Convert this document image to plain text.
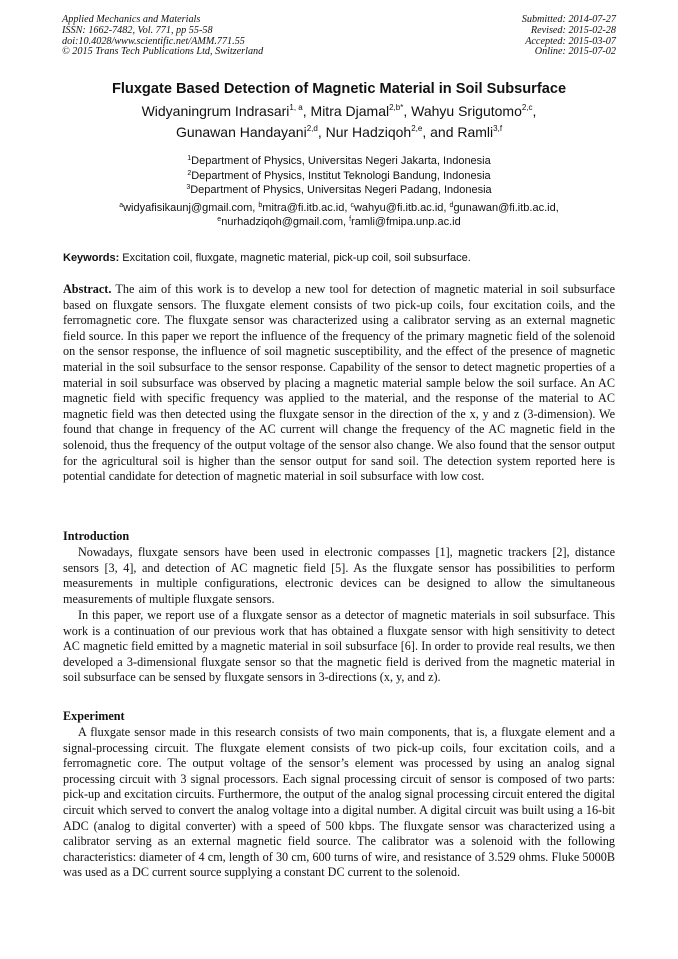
Applied Mechanics and Materials
ISSN: 1662-7482, Vol. 771, pp 55-58
doi:10.4028/www.scientific.net/AMM.771.55
© 2015 Trans Tech Publications Ltd, Switzerland
Submitted: 2014-07-27
Revised: 2015-02-28
Accepted: 2015-03-07
Online: 2015-07-02
Fluxgate Based Detection of Magnetic Material in Soil Subsurface
Widyaningrum Indrasari$^{1, a}$, Mitra Djamal$^{2,b*}$, Wahyu Srigutomo$^{2,c}$,
Gunawan Handayani$^{2,d}$, Nur Hadziqoh$^{2,e}$, and Ramli$^{3,f}$
$^1$Department of Physics, Universitas Negeri Jakarta, Indonesia
$^2$Department of Physics, Institut Teknologi Bandung, Indonesia
$^3$Department of Physics, Universitas Negeri Padang, Indonesia
$^a$widyafisikaunj@gmail.com, $^b$mitra@fi.itb.ac.id, $^c$wahyu@fi.itb.ac.id, $^d$gunawan@fi.itb.ac.id,
$^e$nurhadziqoh@gmail.com, $^f$ramli@fmipa.unp.ac.id
Keywords: Excitation coil, fluxgate, magnetic material, pick-up coil, soil subsurface.

Abstract. The aim of this work is to develop a new tool for detection of magnetic material in soil subsurface based on fluxgate sensors. The fluxgate element consists of two pick-up coils, four excitation coils, and the ferromagnetic core. The fluxgate sensor was characterized using a calibrator serving as an external magnetic field source. In this paper we report the influence of the frequency of the primary magnetic field of the solenoid on the sensor response, the influence of soil magnetic susceptibility, and the effect of the presence of magnetic material in the soil subsurface to the sensor response. Capability of the sensor to detect magnetic properties of a material in soil subsurface was observed by placing a magnetic material sample below the soil surface. An AC magnetic field with specific frequency was applied to the material, and the response of the material to AC magnetic field was then detected using the fluxgate sensor in the direction of the x, y and z (3-dimension). We found that change in frequency of the AC current will change the frequency of the AC magnetic field in the solenoid, thus the frequency of the output voltage of the sensor also change. We also found that the sensor output for the agricultural soil is higher than the sensor output for sand soil. The detection system reported here is potential candidate for detection of magnetic material in soil subsurface with low cost.

Introduction

Nowadays, fluxgate sensors have been used in electronic compasses [1], magnetic trackers [2], distance sensors [3, 4], and detection of AC magnetic field [5]. As the fluxgate sensor has possibilities to perform measurements in multiple configurations, electronic devices can be designed to allow the simultaneous measurements of multiple fluxgate sensors.

In this paper, we report use of a fluxgate sensor as a detector of magnetic materials in soil subsurface. This work is a continuation of our previous work that has obtained a fluxgate sensor with high sensitivity to detect AC magnetic field emitted by a magnetic material in soil subsurface [6]. In order to provide real results, we then developed a 3-dimensional fluxgate sensor so that the magnetic field is derived from the magnetic material in soil subsurface can be sensed by fluxgate sensors in 3-directions (x, y, and z).

Experiment

A fluxgate sensor made in this research consists of two main components, that is, a fluxgate element and a signal-processing circuit. The fluxgate element consists of two pick-up coils, four excitation coils, and a ferromagnetic core. The output voltage of the sensor’s element was processed by using an analog signal processing circuit with 3 signal processors. Each signal processing circuit of sensor is composed of two parts: pick-up and excitation circuits. Furthermore, the output of the analog signal processing circuit entered the digital circuit which served to convert the analog voltage into a digital number. A digital circuit was built using a 16-bit ADC (analog to digital converter) with a speed of 500 kbps. The fluxgate sensor was characterized using a calibrator serving as an external magnetic field source. The calibrator was a solenoid with the following characteristics: diameter of 4 cm, length of 30 cm, 600 turns of wire, and resistance of 3.529 ohms. Fluke 5000B was used as a DC current source supplying a constant DC current to the solenoid.
